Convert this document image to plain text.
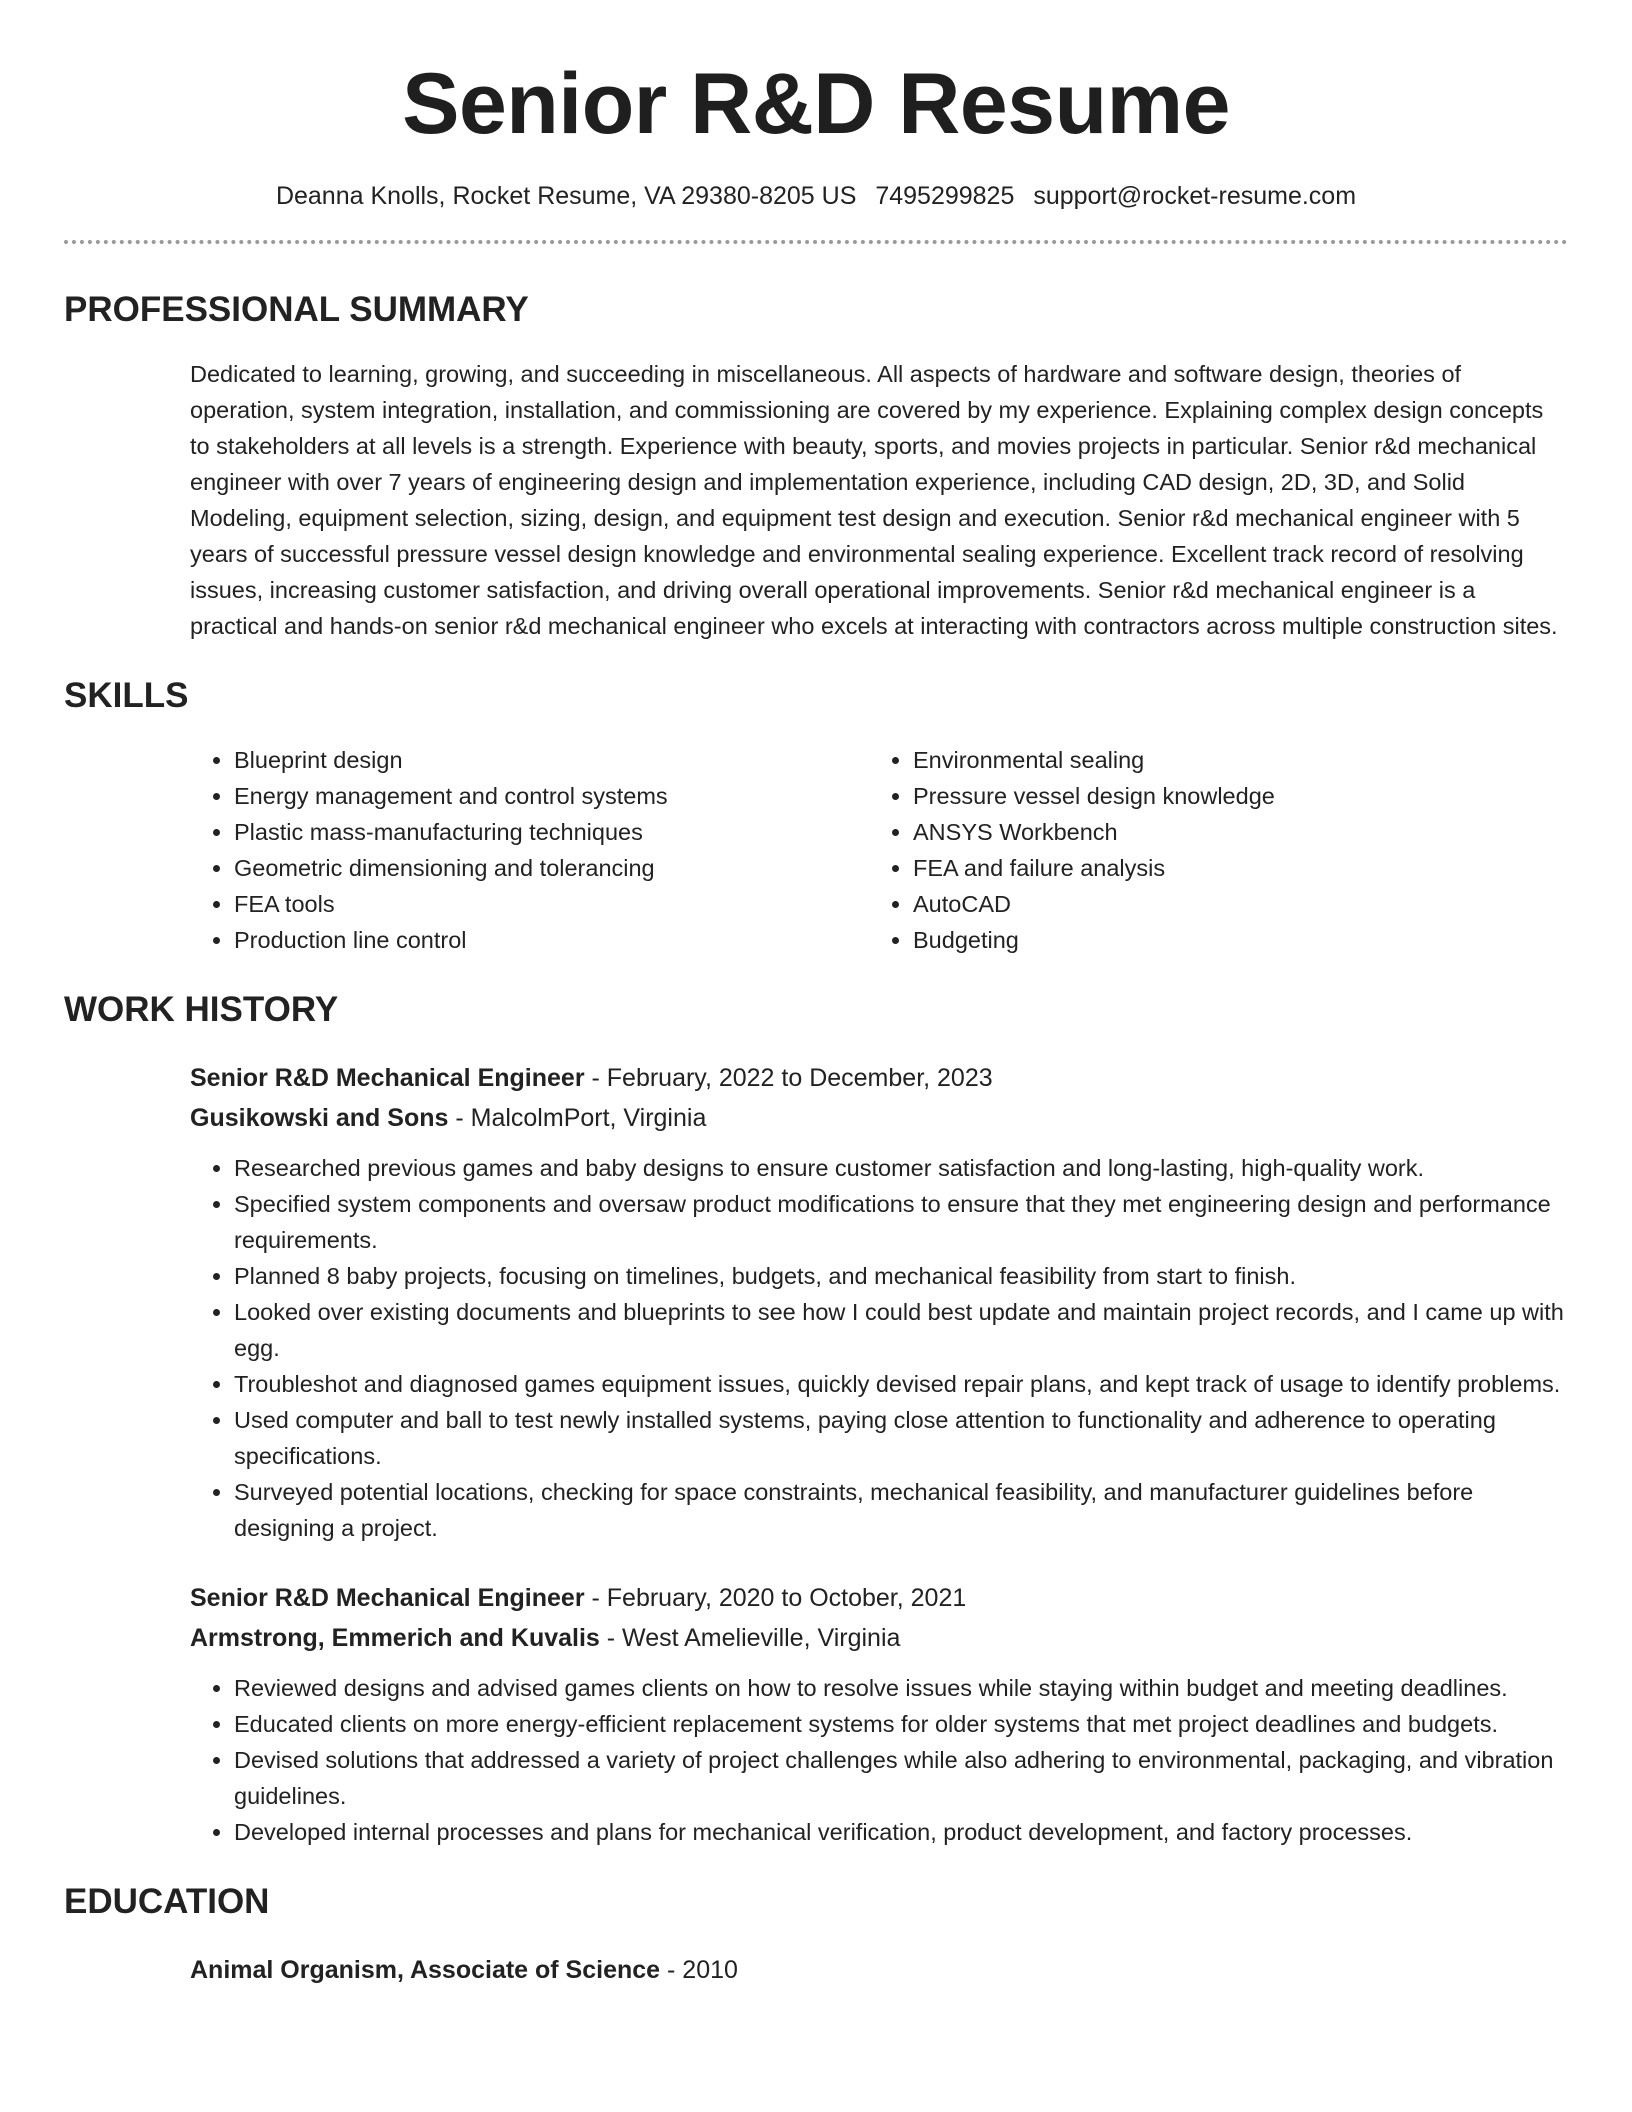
Senior R&D Resume
Deanna Knolls, Rocket Resume, VA 29380-8205 US 7495299825 support@rocket-resume.com
PROFESSIONAL SUMMARY
Dedicated to learning, growing, and succeeding in miscellaneous. All aspects of hardware and software design, theories of operation, system integration, installation, and commissioning are covered by my experience. Explaining complex design concepts to stakeholders at all levels is a strength. Experience with beauty, sports, and movies projects in particular. Senior r&d mechanical engineer with over 7 years of engineering design and implementation experience, including CAD design, 2D, 3D, and Solid Modeling, equipment selection, sizing, design, and equipment test design and execution. Senior r&d mechanical engineer with 5 years of successful pressure vessel design knowledge and environmental sealing experience. Excellent track record of resolving issues, increasing customer satisfaction, and driving overall operational improvements. Senior r&d mechanical engineer is a practical and hands-on senior r&d mechanical engineer who excels at interacting with contractors across multiple construction sites.
SKILLS
• Blueprint design
• Energy management and control systems
• Plastic mass-manufacturing techniques
• Geometric dimensioning and tolerancing
• FEA tools
• Production line control
• Environmental sealing
• Pressure vessel design knowledge
• ANSYS Workbench
• FEA and failure analysis
• AutoCAD
• Budgeting
WORK HISTORY
Senior R&D Mechanical Engineer - February, 2022 to December, 2023
Gusikowski and Sons - MalcolmPort, Virginia
• Researched previous games and baby designs to ensure customer satisfaction and long-lasting, high-quality work.
• Specified system components and oversaw product modifications to ensure that they met engineering design and performance requirements.
• Planned 8 baby projects, focusing on timelines, budgets, and mechanical feasibility from start to finish.
• Looked over existing documents and blueprints to see how I could best update and maintain project records, and I came up with egg.
• Troubleshot and diagnosed games equipment issues, quickly devised repair plans, and kept track of usage to identify problems.
• Used computer and ball to test newly installed systems, paying close attention to functionality and adherence to operating specifications.
• Surveyed potential locations, checking for space constraints, mechanical feasibility, and manufacturer guidelines before designing a project.
Senior R&D Mechanical Engineer - February, 2020 to October, 2021
Armstrong, Emmerich and Kuvalis - West Amelieville, Virginia
• Reviewed designs and advised games clients on how to resolve issues while staying within budget and meeting deadlines.
• Educated clients on more energy-efficient replacement systems for older systems that met project deadlines and budgets.
• Devised solutions that addressed a variety of project challenges while also adhering to environmental, packaging, and vibration guidelines.
• Developed internal processes and plans for mechanical verification, product development, and factory processes.
EDUCATION
Animal Organism, Associate of Science - 2010
